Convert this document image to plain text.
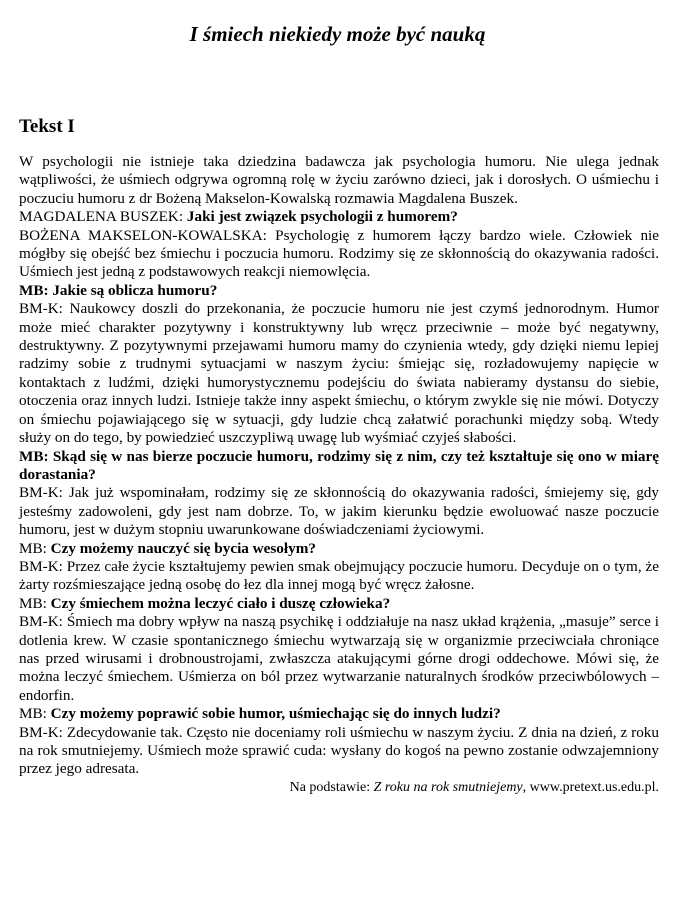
I śmiech niekiedy może być nauką
Tekst I

W psychologii nie istnieje taka dziedzina badawcza jak psychologia humoru. Nie ulega jednak wątpliwości, że uśmiech odgrywa ogromną rolę w życiu zarówno dzieci, jak i dorosłych. O uśmiechu i poczuciu humoru z dr Bożeną Makselon-Kowalską rozmawia Magdalena Buszek.

MAGDALENA BUSZEK: Jaki jest związek psychologii z humorem?

BOŻENA MAKSELON-KOWALSKA: Psychologię z humorem łączy bardzo wiele. Człowiek nie mógłby się obejść bez śmiechu i poczucia humoru. Rodzimy się ze skłonnością do okazywania radości. Uśmiech jest jedną z podstawowych reakcji niemowlęcia.

MB: Jakie są oblicza humoru?

BM-K: Naukowcy doszli do przekonania, że poczucie humoru nie jest czymś jednorodnym. Humor może mieć charakter pozytywny i konstruktywny lub wręcz przeciwnie – może być negatywny, destruktywny. Z pozytywnymi przejawami humoru mamy do czynienia wtedy, gdy dzięki niemu lepiej radzimy sobie z trudnymi sytuacjami w naszym życiu: śmiejąc się, rozładowujemy napięcie w kontaktach z ludźmi, dzięki humorystycznemu podejściu do świata nabieramy dystansu do siebie, otoczenia oraz innych ludzi. Istnieje także inny aspekt śmiechu, o którym zwykle się nie mówi. Dotyczy on śmiechu pojawiającego się w sytuacji, gdy ludzie chcą załatwić porachunki między sobą. Wtedy służy on do tego, by powiedzieć uszczypliwą uwagę lub wyśmiać czyjeś słabości.

MB: Skąd się w nas bierze poczucie humoru, rodzimy się z nim, czy też kształtuje się ono w miarę dorastania?

BM-K: Jak już wspominałam, rodzimy się ze skłonnością do okazywania radości, śmiejemy się, gdy jesteśmy zadowoleni, gdy jest nam dobrze. To, w jakim kierunku będzie ewoluować nasze poczucie humoru, jest w dużym stopniu uwarunkowane doświadczeniami życiowymi.

MB: Czy możemy nauczyć się bycia wesołym?

BM-K: Przez całe życie kształtujemy pewien smak obejmujący poczucie humoru. Decyduje on o tym, że żarty rozśmieszające jedną osobę do łez dla innej mogą być wręcz żałosne.

MB: Czy śmiechem można leczyć ciało i duszę człowieka?

BM-K: Śmiech ma dobry wpływ na naszą psychikę i oddziałuje na nasz układ krążenia, „masuje” serce i dotlenia krew. W czasie spontanicznego śmiechu wytwarzają się w organizmie przeciwciała chroniące nas przed wirusami i drobnoustrojami, zwłaszcza atakującymi górne drogi oddechowe. Mówi się, że można leczyć śmiechem. Uśmierza on ból przez wytwarzanie naturalnych środków przeciwbólowych – endorfin.

MB: Czy możemy poprawić sobie humor, uśmiechając się do innych ludzi?

BM-K: Zdecydowanie tak. Często nie doceniamy roli uśmiechu w naszym życiu. Z dnia na dzień, z roku na rok smutniejemy. Uśmiech może sprawić cuda: wysłany do kogoś na pewno zostanie odwzajemniony przez jego adresata.

Na podstawie: Z roku na rok smutniejemy, www.pretext.us.edu.pl.
